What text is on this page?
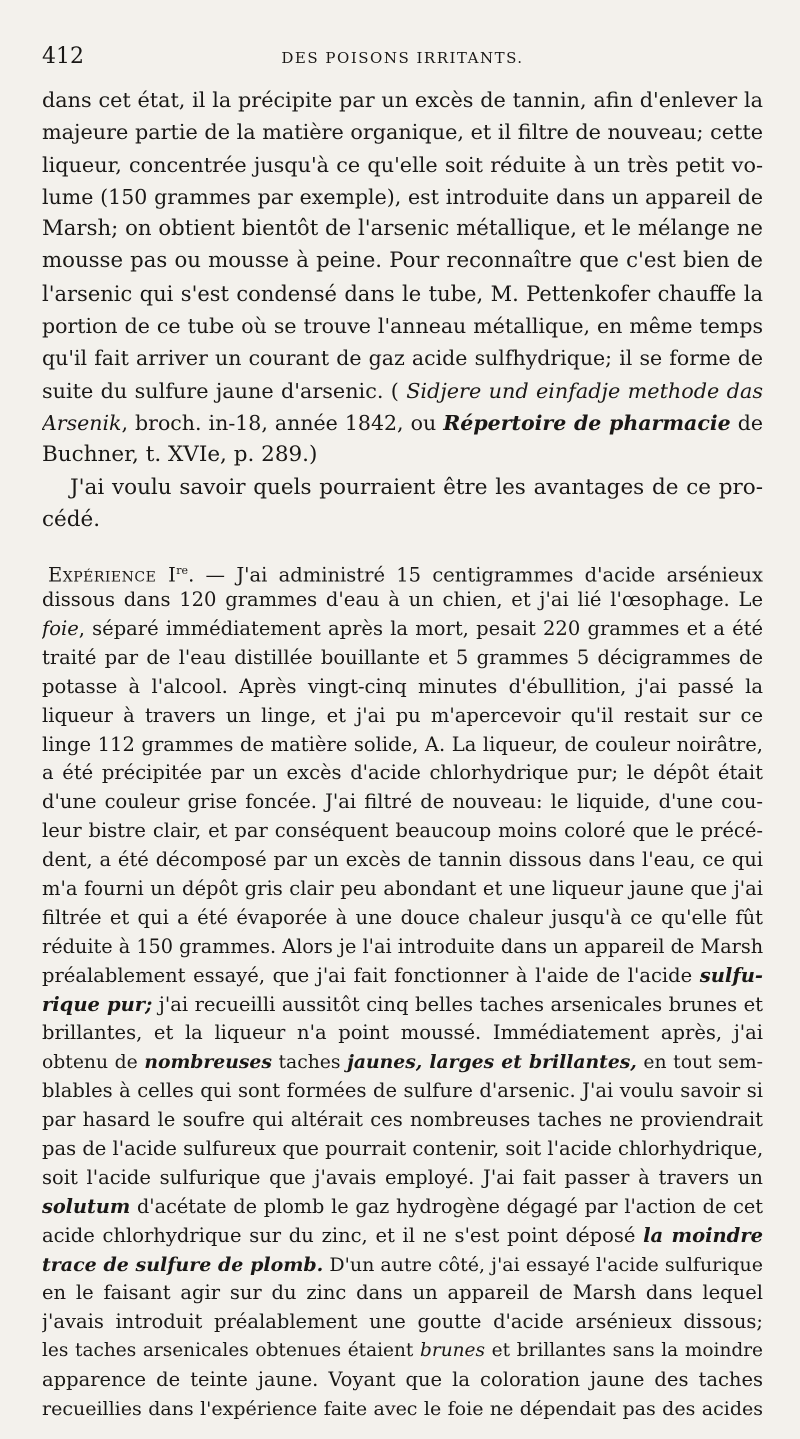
412	DES POISONS IRRITANTS.
dans cet état, il la précipite par un excès de tannin, afin d'enlever la
majeure partie de la matière organique, et il filtre de nouveau; cette
liqueur, concentrée jusqu'à ce qu'elle soit réduite à un très petit vo-
lume (150 grammes par exemple), est introduite dans un appareil de
Marsh; on obtient bientôt de l'arsenic métallique, et le mélange ne
mousse pas ou mousse à peine. Pour reconnaître que c'est bien de
l'arsenic qui s'est condensé dans le tube, M. Pettenkofer chauffe la
portion de ce tube où se trouve l'anneau métallique, en même temps
qu'il fait arriver un courant de gaz acide sulfhydrique; il se forme de
suite du sulfure jaune d'arsenic. ( Sidjere und einfadje methode das
Arsenik, broch. in-18, année 1842, ou Répertoire de pharmacie de
Buchner, t. XVIe, p. 289.)
J'ai voulu savoir quels pourraient être les avantages de ce pro-
cédé.
Expérience Ire. — J'ai administré 15 centigrammes d'acide arsénieux
dissous dans 120 grammes d'eau à un chien, et j'ai lié l'œsophage. Le
foie, séparé immédiatement après la mort, pesait 220 grammes et a été
traité par de l'eau distillée bouillante et 5 grammes 5 décigrammes de
potasse à l'alcool. Après vingt-cinq minutes d'ébullition, j'ai passé la
liqueur à travers un linge, et j'ai pu m'apercevoir qu'il restait sur ce
linge 112 grammes de matière solide, A. La liqueur, de couleur noirâtre,
a été précipitée par un excès d'acide chlorhydrique pur; le dépôt était
d'une couleur grise foncée. J'ai filtré de nouveau: le liquide, d'une cou-
leur bistre clair, et par conséquent beaucoup moins coloré que le précé-
dent, a été décomposé par un excès de tannin dissous dans l'eau, ce qui
m'a fourni un dépôt gris clair peu abondant et une liqueur jaune que j'ai
filtrée et qui a été évaporée à une douce chaleur jusqu'à ce qu'elle fût
réduite à 150 grammes. Alors je l'ai introduite dans un appareil de Marsh
préalablement essayé, que j'ai fait fonctionner à l'aide de l'acide sulfu-
rique pur; j'ai recueilli aussitôt cinq belles taches arsenicales brunes et
brillantes, et la liqueur n'a point moussé. Immédiatement après, j'ai
obtenu de nombreuses taches jaunes, larges et brillantes, en tout sem-
blables à celles qui sont formées de sulfure d'arsenic. J'ai voulu savoir si
par hasard le soufre qui altérait ces nombreuses taches ne proviendrait
pas de l'acide sulfureux que pourrait contenir, soit l'acide chlorhydrique,
soit l'acide sulfurique que j'avais employé. J'ai fait passer à travers un
solutum d'acétate de plomb le gaz hydrogène dégagé par l'action de cet
acide chlorhydrique sur du zinc, et il ne s'est point déposé la moindre
trace de sulfure de plomb. D'un autre côté, j'ai essayé l'acide sulfurique
en le faisant agir sur du zinc dans un appareil de Marsh dans lequel
j'avais introduit préalablement une goutte d'acide arsénieux dissous;
les taches arsenicales obtenues étaient brunes et brillantes sans la moindre
apparence de teinte jaune. Voyant que la coloration jaune des taches
recueillies dans l'expérience faite avec le foie ne dépendait pas des acides
